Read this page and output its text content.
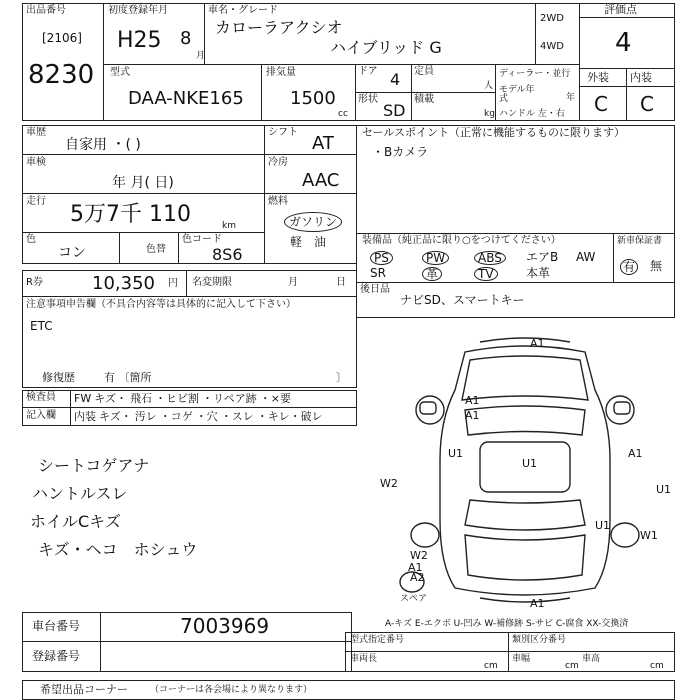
出品番号
[2106]
8230
初度登録年月
H25 8
月
車名・グレード
カローラアクシオ
ハイブリッド G
2WD
4WD
評価点
4
外装 内装
C C
型式
DAA-NKE165
排気量
1500
cc
ドア 4 定員
人
形状
SD
積載
kg
ディーラー・並行
モデル年式	年
ハンドル 左・右
車歴
自家用 ・( )
シフト
AT
車検
年 月( 日)
冷房
AAC
走行
5万7千 110	km
燃料
ガソリン
軽　油
色
コン	色替
色コード
8S6
R券	10,350 円 名変期限	月	日
セールスポイント（正常に機能するものに限ります）
・Bカメラ
装備品（純正品に限り○をつけてください）
PS	PW	ABS	エアB AW
SR	革	TV	本革
新車保証書
有 無
後日品
ナビSD、スマートキー
注意事項申告欄（不具合内容等は具体的に記入して下さい）
ETC
修復歴	有 〔箇所	〕
検査員
記入欄
FW キズ・ 飛石 ・ヒビ割 ・リペア跡 ・×要
内装 キズ・ 汚レ ・コゲ ・穴 ・スレ ・キレ・破レ
シートコゲアナ
ハントルスレ
ホイルCキズ
キズ・ヘコ　ホシュウ
A1
A1
U1
U1
U1
U1
A1
A1
A1
A1
W2
W2
A2
W1
スペア
A-キズ E-エクボ U-凹み W-補修跡 S-サビ C-腐食 XX-交換済
車台番号	7003969
登録番号
型式指定番号	類別区分番号
車両長
cm
車幅
cm
車高
cm
希望出品コーナー （コーナーは各会場により異なります）
